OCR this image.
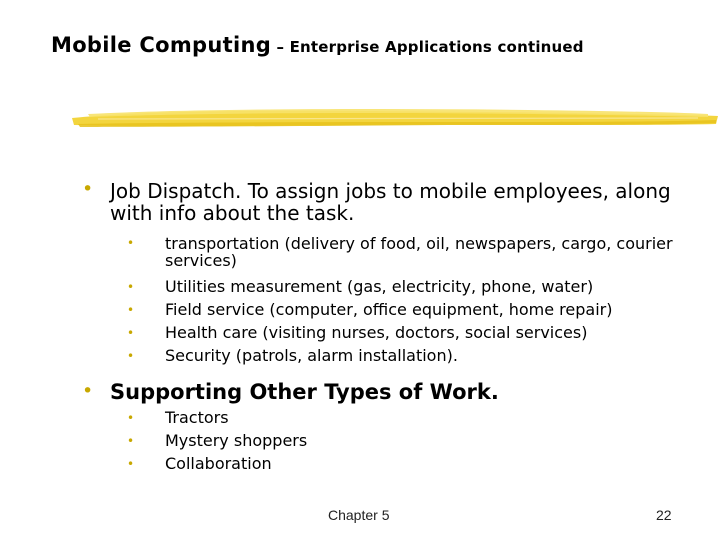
Mobile Computing – Enterprise Applications continued
• Job Dispatch. To assign jobs to mobile employees, along with info about the task.
• transportation (delivery of food, oil, newspapers, cargo, courier services)
• Utilities measurement (gas, electricity, phone, water)
• Field service (computer, office equipment, home repair)
• Health care (visiting nurses, doctors, social services)
• Security (patrols, alarm installation).
• Supporting Other Types of Work.
• Tractors
• Mystery shoppers
• Collaboration
Chapter 5	22
